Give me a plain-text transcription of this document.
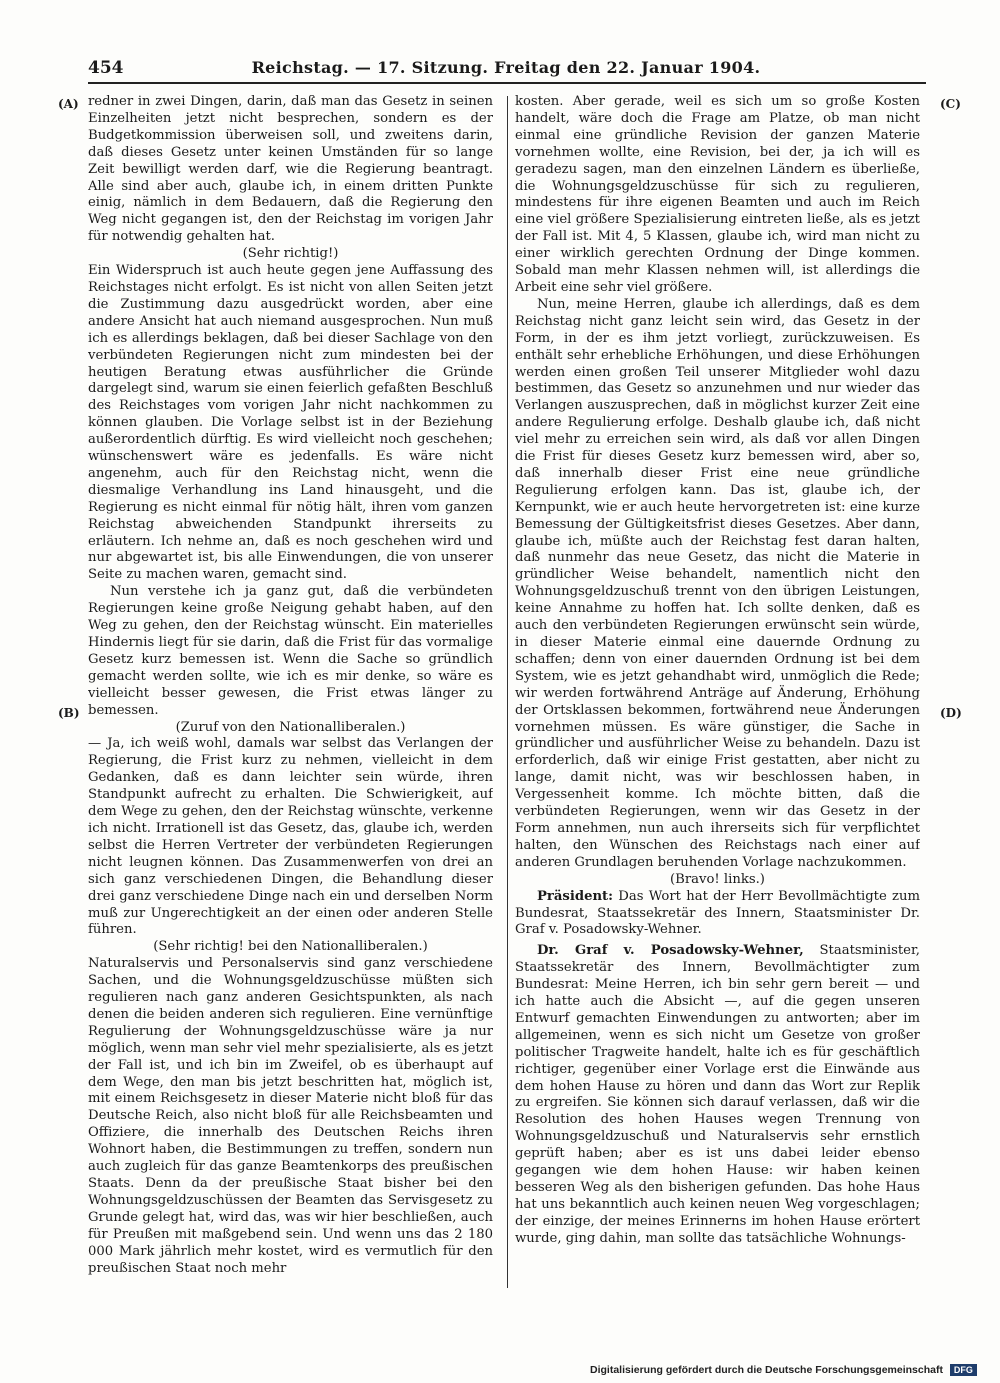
454	Reichstag. — 17. Sitzung. Freitag den 22. Januar 1904.

redner in zwei Dingen, darin, daß man das Gesetz in seinen Einzelheiten jetzt nicht besprechen, sondern es der Budgetkommission überweisen soll, und zweitens darin, daß dieses Gesetz unter keinen Umständen für so lange Zeit bewilligt werden darf, wie die Regierung beantragt. Alle sind aber auch, glaube ich, in einem dritten Punkte einig, nämlich in dem Bedauern, daß die Regierung den Weg nicht gegangen ist, den der Reichstag im vorigen Jahr für notwendig gehalten hat.

(Sehr richtig!)

Ein Widerspruch ist auch heute gegen jene Auffassung des Reichstages nicht erfolgt. Es ist nicht von allen Seiten jetzt die Zustimmung dazu ausgedrückt worden, aber eine andere Ansicht hat auch niemand ausgesprochen. Nun muß ich es allerdings beklagen, daß bei dieser Sachlage von den verbündeten Regierungen nicht zum mindesten bei der heutigen Beratung etwas ausführlicher die Gründe dargelegt sind, warum sie einen feierlich gefaßten Beschluß des Reichstages vom vorigen Jahr nicht nachkommen zu können glauben. Die Vorlage selbst ist in der Beziehung außerordentlich dürftig. Es wird vielleicht noch geschehen; wünschenswert wäre es jedenfalls. Es wäre nicht angenehm, auch für den Reichstag nicht, wenn die diesmalige Verhandlung ins Land hinausgeht, und die Regierung es nicht einmal für nötig hält, ihren vom ganzen Reichstag abweichenden Standpunkt ihrerseits zu erläutern. Ich nehme an, daß es noch geschehen wird und nur abgewartet ist, bis alle Einwendungen, die von unserer Seite zu machen waren, gemacht sind.

Nun verstehe ich ja ganz gut, daß die verbündeten Regierungen keine große Neigung gehabt haben, auf den Weg zu gehen, den der Reichstag wünscht. Ein materielles Hindernis liegt für sie darin, daß die Frist für das vormalige Gesetz kurz bemessen ist. Wenn die Sache so gründlich gemacht werden sollte, wie ich es mir denke, so wäre es vielleicht besser gewesen, die Frist etwas länger zu bemessen.

(Zuruf von den Nationalliberalen.)

— Ja, ich weiß wohl, damals war selbst das Verlangen der Regierung, die Frist kurz zu nehmen, vielleicht in dem Gedanken, daß es dann leichter sein würde, ihren Standpunkt aufrecht zu erhalten. Die Schwierigkeit, auf dem Wege zu gehen, den der Reichstag wünschte, verkenne ich nicht. Irrationell ist das Gesetz, das, glaube ich, werden selbst die Herren Vertreter der verbündeten Regierungen nicht leugnen können. Das Zusammenwerfen von drei an sich ganz verschiedenen Dingen, die Behandlung dieser drei ganz verschiedene Dinge nach ein und derselben Norm muß zur Ungerechtigkeit an der einen oder anderen Stelle führen.

(Sehr richtig! bei den Nationalliberalen.)

Naturalservis und Personalservis sind ganz verschiedene Sachen, und die Wohnungsgeldzuschüsse müßten sich regulieren nach ganz anderen Gesichtspunkten, als nach denen die beiden anderen sich regulieren. Eine vernünftige Regulierung der Wohnungsgeldzuschüsse wäre ja nur möglich, wenn man sehr viel mehr spezialisierte, als es jetzt der Fall ist, und ich bin im Zweifel, ob es überhaupt auf dem Wege, den man bis jetzt beschritten hat, möglich ist, mit einem Reichsgesetz in dieser Materie nicht bloß für das Deutsche Reich, also nicht bloß für alle Reichsbeamten und Offiziere, die innerhalb des Deutschen Reichs ihren Wohnort haben, die Bestimmungen zu treffen, sondern nun auch zugleich für das ganze Beamtenkorps des preußischen Staats. Denn da der preußische Staat bisher bei den Wohnungsgeldzuschüssen der Beamten das Servisgesetz zu Grunde gelegt hat, wird das, was wir hier beschließen, auch für Preußen mit maßgebend sein. Und wenn uns das 2 180 000 Mark jährlich mehr kostet, wird es vermutlich für den preußischen Staat noch mehr

kosten. Aber gerade, weil es sich um so große Kosten handelt, wäre doch die Frage am Platze, ob man nicht einmal eine gründliche Revision der ganzen Materie vornehmen wollte, eine Revision, bei der, ja ich will es geradezu sagen, man den einzelnen Ländern es überließe, die Wohnungsgeldzuschüsse für sich zu regulieren, mindestens für ihre eigenen Beamten und auch im Reich eine viel größere Spezialisierung eintreten ließe, als es jetzt der Fall ist. Mit 4, 5 Klassen, glaube ich, wird man nicht zu einer wirklich gerechten Ordnung der Dinge kommen. Sobald man mehr Klassen nehmen will, ist allerdings die Arbeit eine sehr viel größere.

Nun, meine Herren, glaube ich allerdings, daß es dem Reichstag nicht ganz leicht sein wird, das Gesetz in der Form, in der es ihm jetzt vorliegt, zurückzuweisen. Es enthält sehr erhebliche Erhöhungen, und diese Erhöhungen werden einen großen Teil unserer Mitglieder wohl dazu bestimmen, das Gesetz so anzunehmen und nur wieder das Verlangen auszusprechen, daß in möglichst kurzer Zeit eine andere Regulierung erfolge. Deshalb glaube ich, daß nicht viel mehr zu erreichen sein wird, als daß vor allen Dingen die Frist für dieses Gesetz kurz bemessen wird, aber so, daß innerhalb dieser Frist eine neue gründliche Regulierung erfolgen kann. Das ist, glaube ich, der Kernpunkt, wie er auch heute hervorgetreten ist: eine kurze Bemessung der Gültigkeitsfrist dieses Gesetzes. Aber dann, glaube ich, müßte auch der Reichstag fest daran halten, daß nunmehr das neue Gesetz, das nicht die Materie in gründlicher Weise behandelt, namentlich nicht den Wohnungsgeldzuschuß trennt von den übrigen Leistungen, keine Annahme zu hoffen hat. Ich sollte denken, daß es auch den verbündeten Regierungen erwünscht sein würde, in dieser Materie einmal eine dauernde Ordnung zu schaffen; denn von einer dauernden Ordnung ist bei dem System, wie es jetzt gehandhabt wird, unmöglich die Rede; wir werden fortwährend Anträge auf Änderung, Erhöhung der Ortsklassen bekommen, fortwährend neue Änderungen vornehmen müssen. Es wäre günstiger, die Sache in gründlicher und ausführlicher Weise zu behandeln. Dazu ist erforderlich, daß wir einige Frist gestatten, aber nicht zu lange, damit nicht, was wir beschlossen haben, in Vergessenheit komme. Ich möchte bitten, daß die verbündeten Regierungen, wenn wir das Gesetz in der Form annehmen, nun auch ihrerseits sich für verpflichtet halten, den Wünschen des Reichstags nach einer auf anderen Grundlagen beruhenden Vorlage nachzukommen.

(Bravo! links.)

Präsident: Das Wort hat der Herr Bevollmächtigte zum Bundesrat, Staatssekretär des Innern, Staatsminister Dr. Graf v. Posadowsky-Wehner.

Dr. Graf v. Posadowsky-Wehner, Staatsminister, Staatssekretär des Innern, Bevollmächtigter zum Bundesrat: Meine Herren, ich bin sehr gern bereit — und ich hatte auch die Absicht —, auf die gegen unseren Entwurf gemachten Einwendungen zu antworten; aber im allgemeinen, wenn es sich nicht um Gesetze von großer politischer Tragweite handelt, halte ich es für geschäftlich richtiger, gegenüber einer Vorlage erst die Einwände aus dem hohen Hause zu hören und dann das Wort zur Replik zu ergreifen. Sie können sich darauf verlassen, daß wir die Resolution des hohen Hauses wegen Trennung von Wohnungsgeldzuschuß und Naturalservis sehr ernstlich geprüft haben; aber es ist uns dabei leider ebenso gegangen wie dem hohen Hause: wir haben keinen besseren Weg als den bisherigen gefunden. Das hohe Haus hat uns bekanntlich auch keinen neuen Weg vorgeschlagen; der einzige, der meines Erinnerns im hohen Hause erörtert wurde, ging dahin, man sollte das tatsächliche Wohnungs-

(A)
(B)
(C)
(D)
Digitalisierung gefördert durch die Deutsche Forschungsgemeinschaft DFG
